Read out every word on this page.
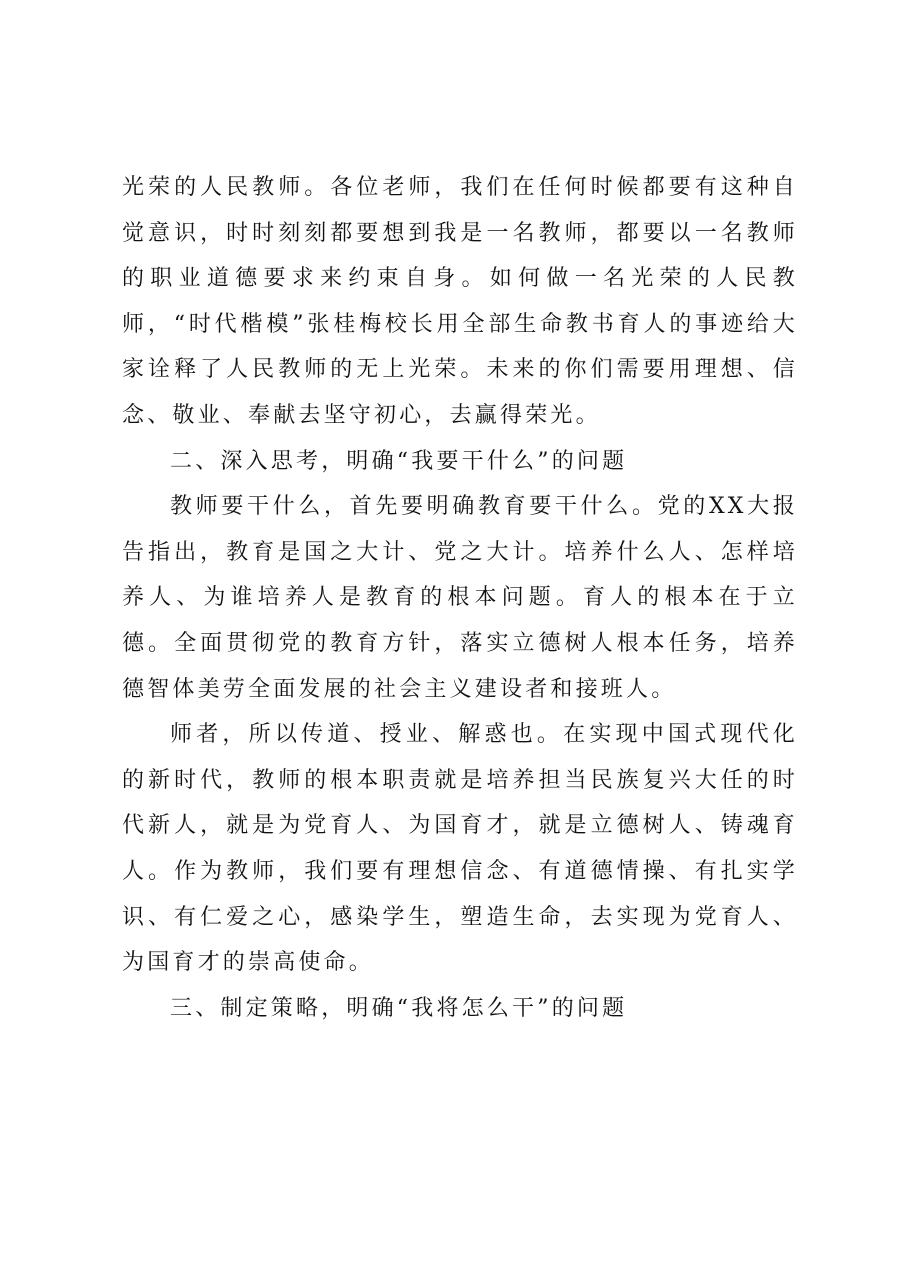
光荣的人民教师。各位老师，我们在任何时候都要有这种自觉意识，时时刻刻都要想到我是一名教师，都要以一名教师的职业道德要求来约束自身。如何做一名光荣的人民教师，“时代楷模”张桂梅校长用全部生命教书育人的事迹给大家诠释了人民教师的无上光荣。未来的你们需要用理想、信念、敬业、奉献去坚守初心，去赢得荣光。

二、深入思考，明确“我要干什么”的问题

教师要干什么，首先要明确教育要干什么。党的XX大报告指出，教育是国之大计、党之大计。培养什么人、怎样培养人、为谁培养人是教育的根本问题。育人的根本在于立德。全面贯彻党的教育方针，落实立德树人根本任务，培养德智体美劳全面发展的社会主义建设者和接班人。

师者，所以传道、授业、解惑也。在实现中国式现代化的新时代，教师的根本职责就是培养担当民族复兴大任的时代新人，就是为党育人、为国育才，就是立德树人、铸魂育人。作为教师，我们要有理想信念、有道德情操、有扎实学识、有仁爱之心，感染学生，塑造生命，去实现为党育人、为国育才的崇高使命。

三、制定策略，明确“我将怎么干”的问题
